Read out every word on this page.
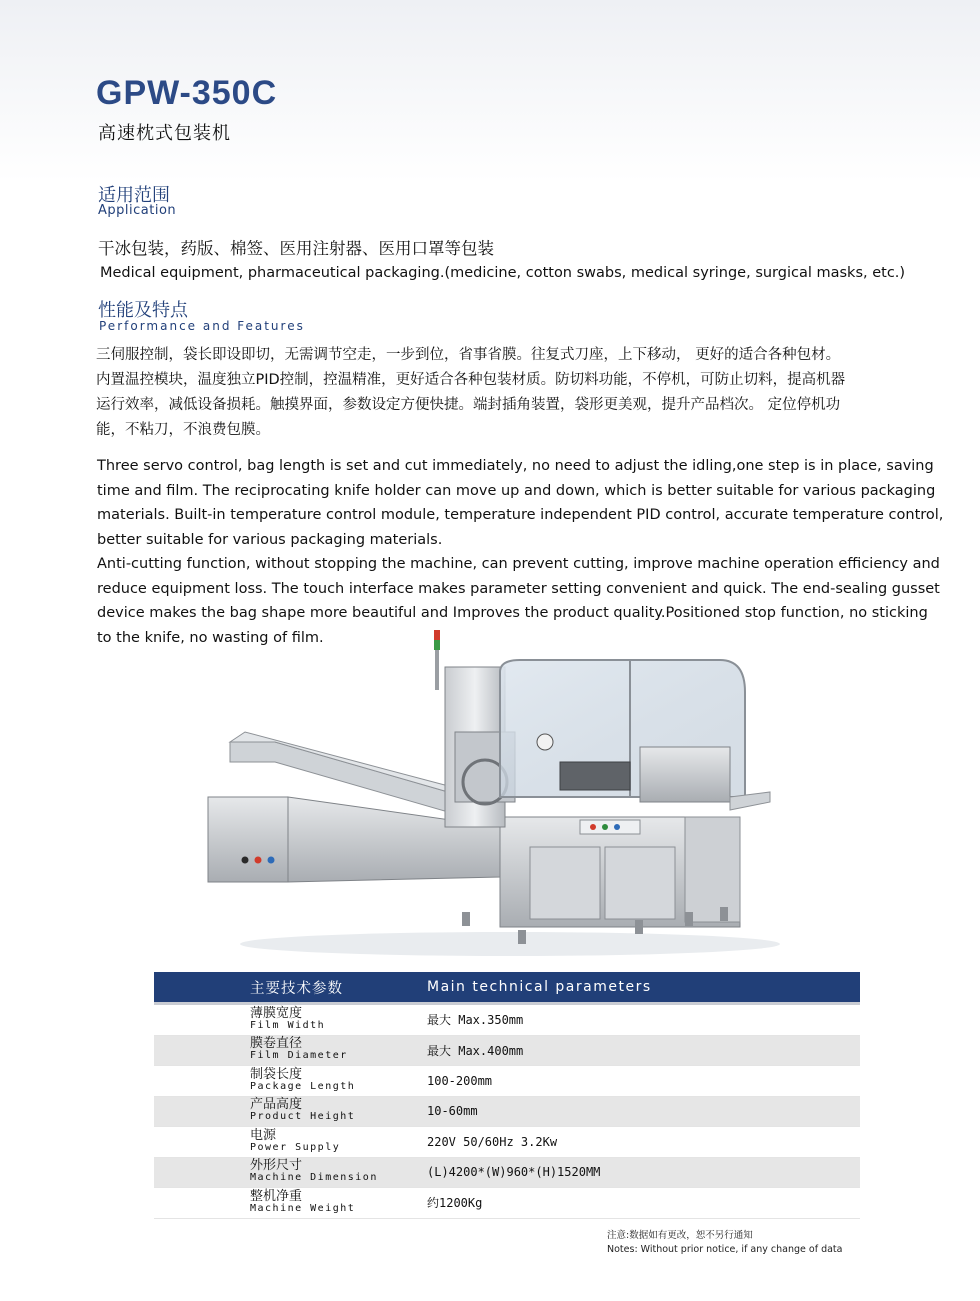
GPW-350C
高速枕式包装机
适用范围
Application
干冰包装，药版、棉签、医用注射器、医用口罩等包装
Medical equipment, pharmaceutical packaging.(medicine, cotton swabs, medical syringe, surgical masks, etc.)
性能及特点
Performance and Features
三伺服控制，袋长即设即切，无需调节空走，一步到位，省事省膜。往复式刀座，上下移动， 更好的适合各种包材。
内置温控模块，温度独立PID控制，控温精准，更好适合各种包装材质。防切料功能，不停机，可防止切料，提高机器
运行效率，减低设备损耗。触摸界面，参数设定方便快捷。端封插角装置，袋形更美观，提升产品档次。 定位停机功
能，不粘刀，不浪费包膜。
Three servo control, bag length is set and cut immediately, no need to adjust the idling,one step is in place, saving
time and film. The reciprocating knife holder can move up and down, which is better suitable for various packaging
materials. Built-in temperature control module, temperature independent PID control, accurate temperature control,
better suitable for various packaging materials.
Anti-cutting function, without stopping the machine, can prevent cutting, improve machine operation efficiency and
reduce equipment loss. The touch interface makes parameter setting convenient and quick. The end-sealing gusset
device makes the bag shape more beautiful and Improves the product quality.Positioned stop function, no sticking
to the knife, no wasting of film.
主要技术参数	Main technical parameters
薄膜宽度
Film Width	最大 Max.350mm
膜卷直径
Film Diameter	最大 Max.400mm
制袋长度
Package Length	100-200mm
产品高度
Product Height	10-60mm
电源
Power Supply	220V 50/60Hz 3.2Kw
外形尺寸
Machine Dimension	(L)4200*(W)960*(H)1520MM
整机净重
Machine Weight	约1200Kg
注意:数据如有更改，恕不另行通知
Notes: Without prior notice, if any change of data
